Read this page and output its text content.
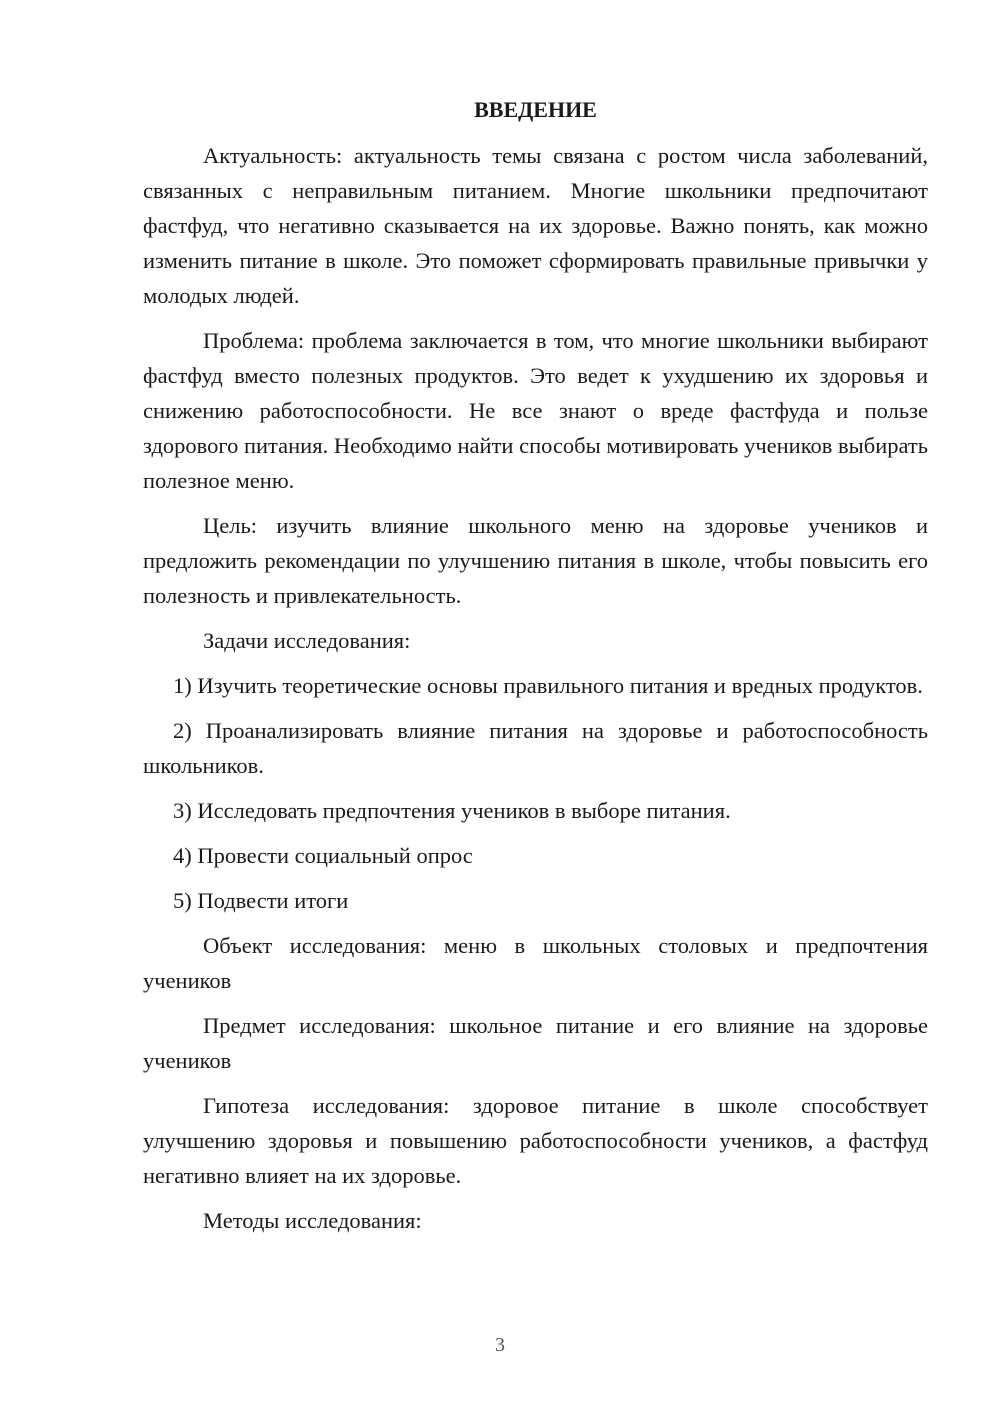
ВВЕДЕНИЕ

Актуальность: актуальность темы связана с ростом числа заболеваний, связанных с неправильным питанием. Многие школьники предпочитают фастфуд, что негативно сказывается на их здоровье. Важно понять, как можно изменить питание в школе. Это поможет сформировать правильные привычки у молодых людей.

Проблема: проблема заключается в том, что многие школьники выбирают фастфуд вместо полезных продуктов. Это ведет к ухудшению их здоровья и снижению работоспособности. Не все знают о вреде фастфуда и пользе здорового питания. Необходимо найти способы мотивировать учеников выбирать полезное меню.

Цель: изучить влияние школьного меню на здоровье учеников и предложить рекомендации по улучшению питания в школе, чтобы повысить его полезность и привлекательность.

Задачи исследования:

1) Изучить теоретические основы правильного питания и вредных продуктов.

2) Проанализировать влияние питания на здоровье и работоспособность школьников.

3) Исследовать предпочтения учеников в выборе питания.

4) Провести социальный опрос

5) Подвести итоги

Объект исследования: меню в школьных столовых и предпочтения учеников

Предмет исследования: школьное питание и его влияние на здоровье учеников

Гипотеза исследования: здоровое питание в школе способствует улучшению здоровья и повышению работоспособности учеников, а фастфуд негативно влияет на их здоровье.

Методы исследования:

3
